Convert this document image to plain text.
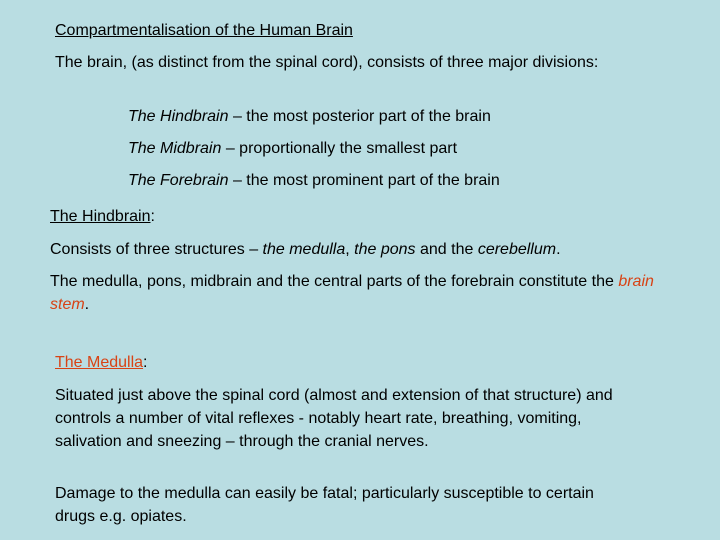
Compartmentalisation of the Human Brain

The brain, (as distinct from the spinal cord), consists of three major divisions:

The Hindbrain – the most posterior part of the brain

The Midbrain – proportionally the smallest part

The Forebrain – the most prominent part of the brain

The Hindbrain:

Consists of three structures – the medulla, the pons and the cerebellum.

The medulla, pons, midbrain and the central parts of the forebrain constitute the brain stem.

The Medulla:

Situated just above the spinal cord (almost and extension of that structure) and controls a number of vital reflexes - notably heart rate, breathing, vomiting, salivation and sneezing – through the cranial nerves.

Damage to the medulla can easily be fatal; particularly susceptible to certain drugs e.g. opiates.
